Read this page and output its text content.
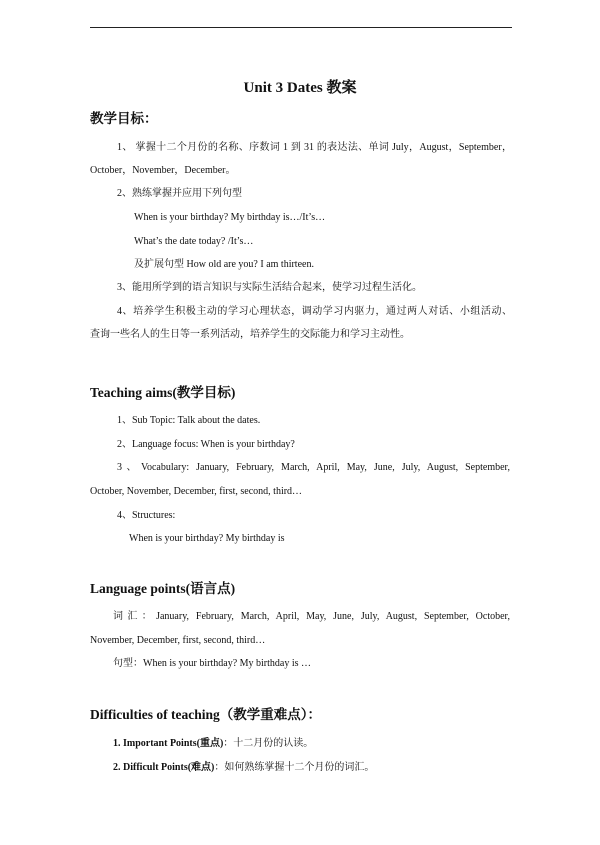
Unit 3 Dates 教案
教学目标：
1、 掌握十二个月份的名称、序数词 1 到 31 的表达法、单词 July，August，September，
October，November，December。
2、熟练掌握并应用下列句型
When is your birthday? My birthday is…/It’s…
What’s the date today? /It’s…
及扩展句型 How old are you? I am thirteen.
3、能用所学到的语言知识与实际生活结合起来，使学习过程生活化。
4、培养学生积极主动的学习心理状态，调动学习内驱力，通过两人对话、小组活动、
查询一些名人的生日等一系列活动，培养学生的交际能力和学习主动性。
Teaching aims(教学目标)
1、Sub Topic: Talk about the dates.
2、Language focus: When is your birthday?
3、Vocabulary: January, February, March, April, May, June, July, August, September,
October, November, December, first, second, third…
4、Structures:
When is your birthday? My birthday is
Language points(语言点)
词汇：January, February, March, April, May, June, July, August, September, October,
November, December, first, second, third…
句型：When is your birthday? My birthday is …
Difficulties of teaching（教学重难点）：
1. Important Points(重点)：十二月份的认读。
2. Difficult Points(难点)：如何熟练掌握十二个月份的词汇。
